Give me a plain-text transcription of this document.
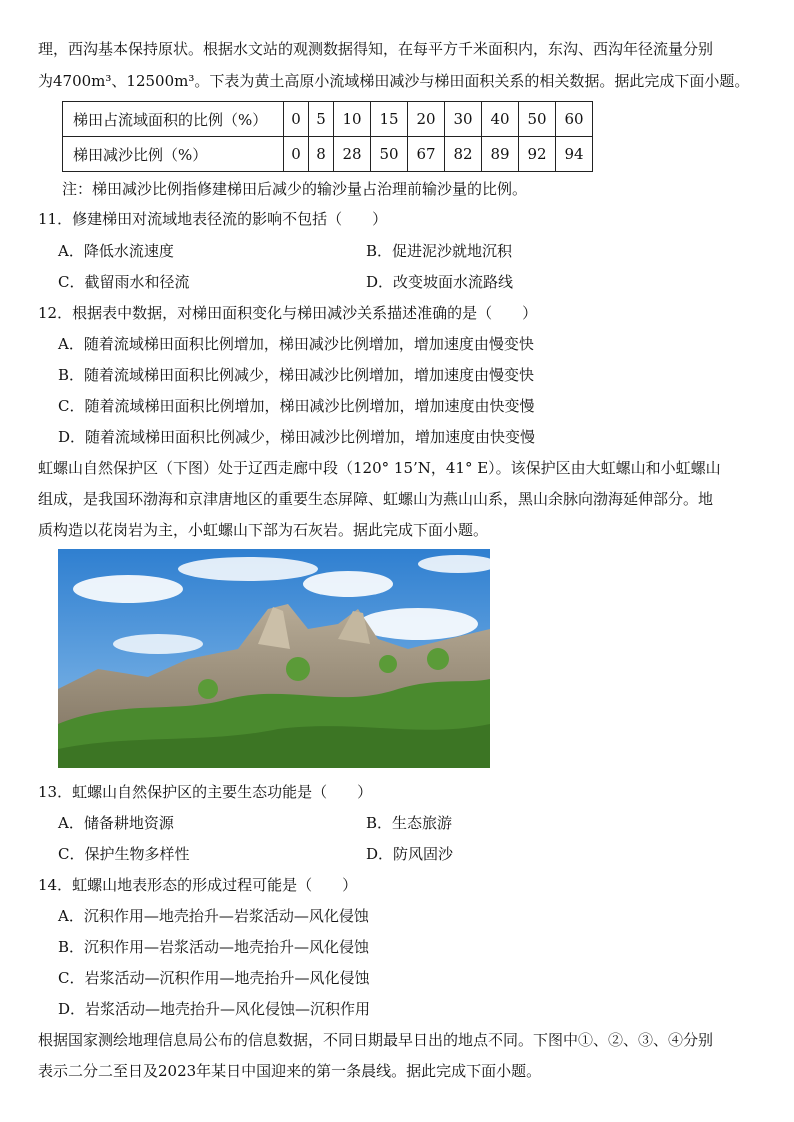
理，西沟基本保持原状。根据水文站的观测数据得知，在每平方千米面积内，东沟、西沟年径流量分别

为4700m³、12500m³。下表为黄土高原小流域梯田减沙与梯田面积关系的相关数据。据此完成下面小题。

梯田占流域面积的比例（%）	0	5	10	15	20	30	40	50	60
梯田减沙比例（%）	0	8	28	50	67	82	89	92	94

注：梯田减沙比例指修建梯田后减少的输沙量占治理前输沙量的比例。

11．修建梯田对流域地表径流的影响不包括（　　）

A．降低水流速度	B．促进泥沙就地沉积

C．截留雨水和径流	D．改变坡面水流路线

12．根据表中数据，对梯田面积变化与梯田减沙关系描述准确的是（　　）

A．随着流域梯田面积比例增加，梯田减沙比例增加，增加速度由慢变快

B．随着流域梯田面积比例减少，梯田减沙比例增加，增加速度由慢变快

C．随着流域梯田面积比例增加，梯田减沙比例增加，增加速度由快变慢

D．随着流域梯田面积比例减少，梯田减沙比例增加，增加速度由快变慢

虹螺山自然保护区（下图）处于辽西走廊中段（120° 15’N，41° E）。该保护区由大虹螺山和小虹螺山

组成，是我国环渤海和京津唐地区的重要生态屏障、虹螺山为燕山山系，黑山余脉向渤海延伸部分。地

质构造以花岗岩为主，小虹螺山下部为石灰岩。据此完成下面小题。

13．虹螺山自然保护区的主要生态功能是（　　）

A．储备耕地资源	B．生态旅游

C．保护生物多样性	D．防风固沙

14．虹螺山地表形态的形成过程可能是（　　）

A．沉积作用—地壳抬升—岩浆活动—风化侵蚀

B．沉积作用—岩浆活动—地壳抬升—风化侵蚀

C．岩浆活动—沉积作用—地壳抬升—风化侵蚀

D．岩浆活动—地壳抬升—风化侵蚀—沉积作用

根据国家测绘地理信息局公布的信息数据，不同日期最早日出的地点不同。下图中①、②、③、④分别

表示二分二至日及2023年某日中国迎来的第一条晨线。据此完成下面小题。
